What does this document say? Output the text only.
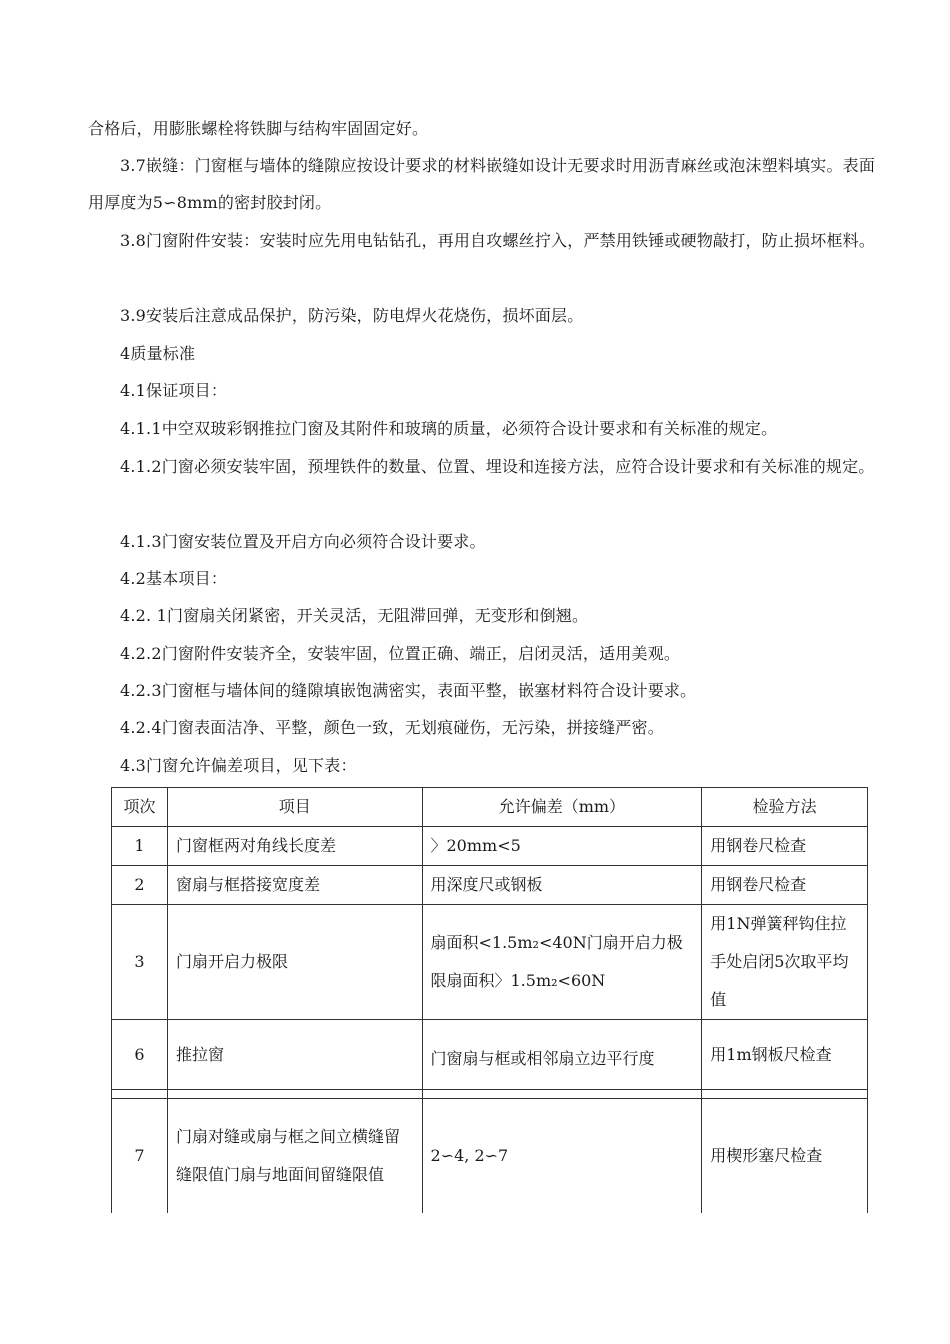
合格后，用膨胀螺栓将铁脚与结构牢固固定好。

3.7嵌缝：门窗框与墙体的缝隙应按设计要求的材料嵌缝如设计无要求时用沥青麻丝或泡沫塑料填实。表面用厚度为5∽8mm的密封胶封闭。

3.8门窗附件安装：安装时应先用电钻钻孔，再用自攻螺丝拧入，严禁用铁锤或硬物敲打，防止损坏框料。

3.9安装后注意成品保护，防污染，防电焊火花烧伤，损坏面层。

4质量标准

4.1保证项目：

4.1.1中空双玻彩钢推拉门窗及其附件和玻璃的质量，必须符合设计要求和有关标准的规定。

4.1.2门窗必须安装牢固，预埋铁件的数量、位置、埋设和连接方法，应符合设计要求和有关标准的规定。

4.1.3门窗安装位置及开启方向必须符合设计要求。

4.2基本项目：

4.2. 1门窗扇关闭紧密，开关灵活，无阻滞回弹，无变形和倒翘。

4.2.2门窗附件安装齐全，安装牢固，位置正确、端正，启闭灵活，适用美观。

4.2.3门窗框与墙体间的缝隙填嵌饱满密实，表面平整，嵌塞材料符合设计要求。

4.2.4门窗表面洁净、平整，颜色一致，无划痕碰伤，无污染，拼接缝严密。

4.3门窗允许偏差项目，见下表：

项次	项目	允许偏差（mm）	检验方法
1	门窗框两对角线长度差	〉20mm<5	用钢卷尺检查
2	窗扇与框搭接宽度差	用深度尺或钢板	用钢卷尺检查
3	门扇开启力极限	扇面积<1.5m₂<40N门扇开启力极限扇面积〉1.5m₂<60N	用1N弹簧秤钩住拉手处启闭5次取平均值
6	推拉窗	门窗扇与框或相邻扇立边平行度	用1m钢板尺检查

7	门扇对缝或扇与框之间立横缝留缝限值门扇与地面间留缝限值	2∽4, 2∽7	用楔形塞尺检查
